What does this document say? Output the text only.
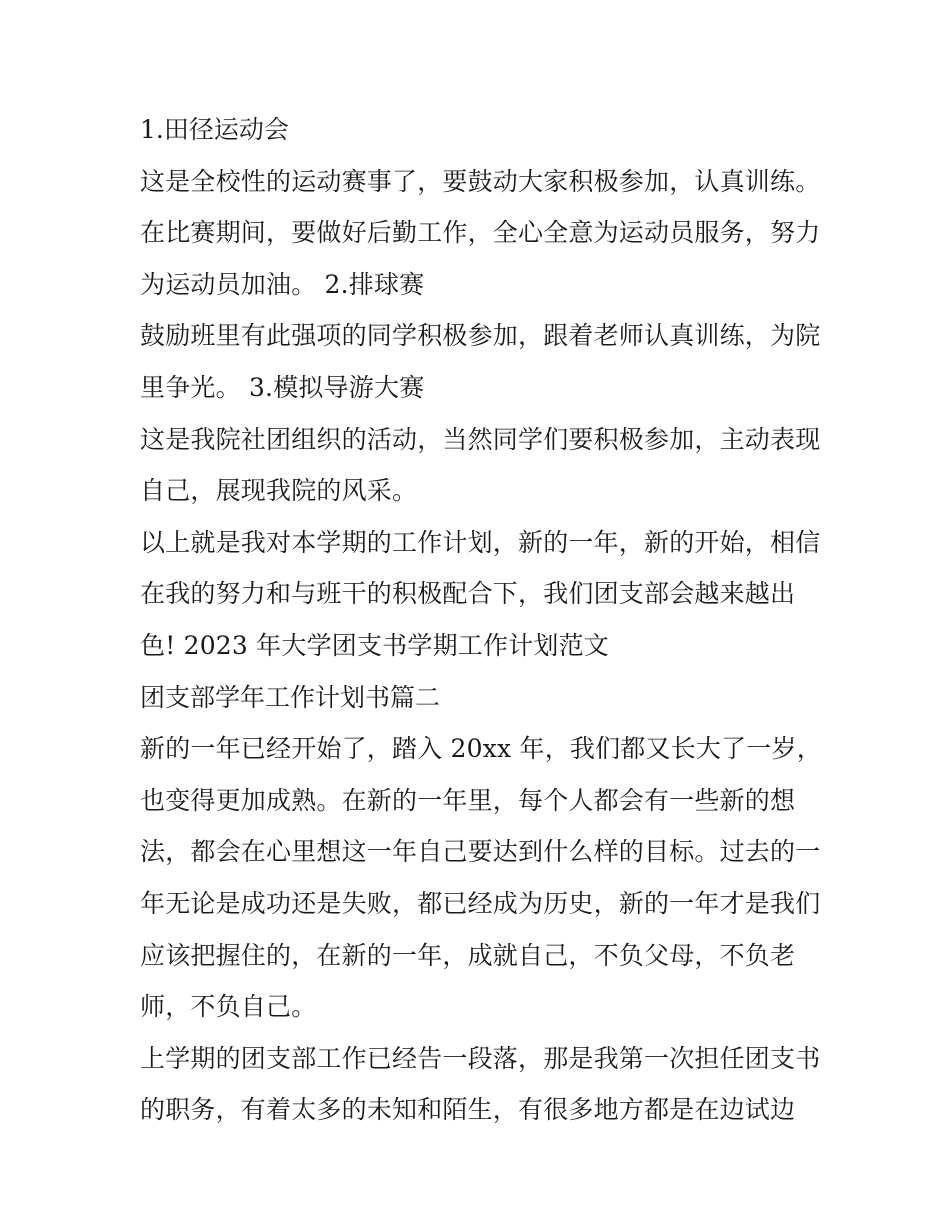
1.田径运动会
这是全校性的运动赛事了，要鼓动大家积极参加，认真训练。
在比赛期间，要做好后勤工作，全心全意为运动员服务，努力
为运动员加油。 2.排球赛
鼓励班里有此强项的同学积极参加，跟着老师认真训练，为院
里争光。 3.模拟导游大赛
这是我院社团组织的活动，当然同学们要积极参加，主动表现
自己，展现我院的风采。
以上就是我对本学期的工作计划，新的一年，新的开始，相信
在我的努力和与班干的积极配合下，我们团支部会越来越出
色! 2023 年大学团支书学期工作计划范文
团支部学年工作计划书篇二
新的一年已经开始了，踏入 20xx 年，我们都又长大了一岁，
也变得更加成熟。在新的一年里，每个人都会有一些新的想
法，都会在心里想这一年自己要达到什么样的目标。过去的一
年无论是成功还是失败，都已经成为历史，新的一年才是我们
应该把握住的，在新的一年，成就自己，不负父母，不负老
师，不负自己。
上学期的团支部工作已经告一段落，那是我第一次担任团支书
的职务，有着太多的未知和陌生，有很多地方都是在边试边
